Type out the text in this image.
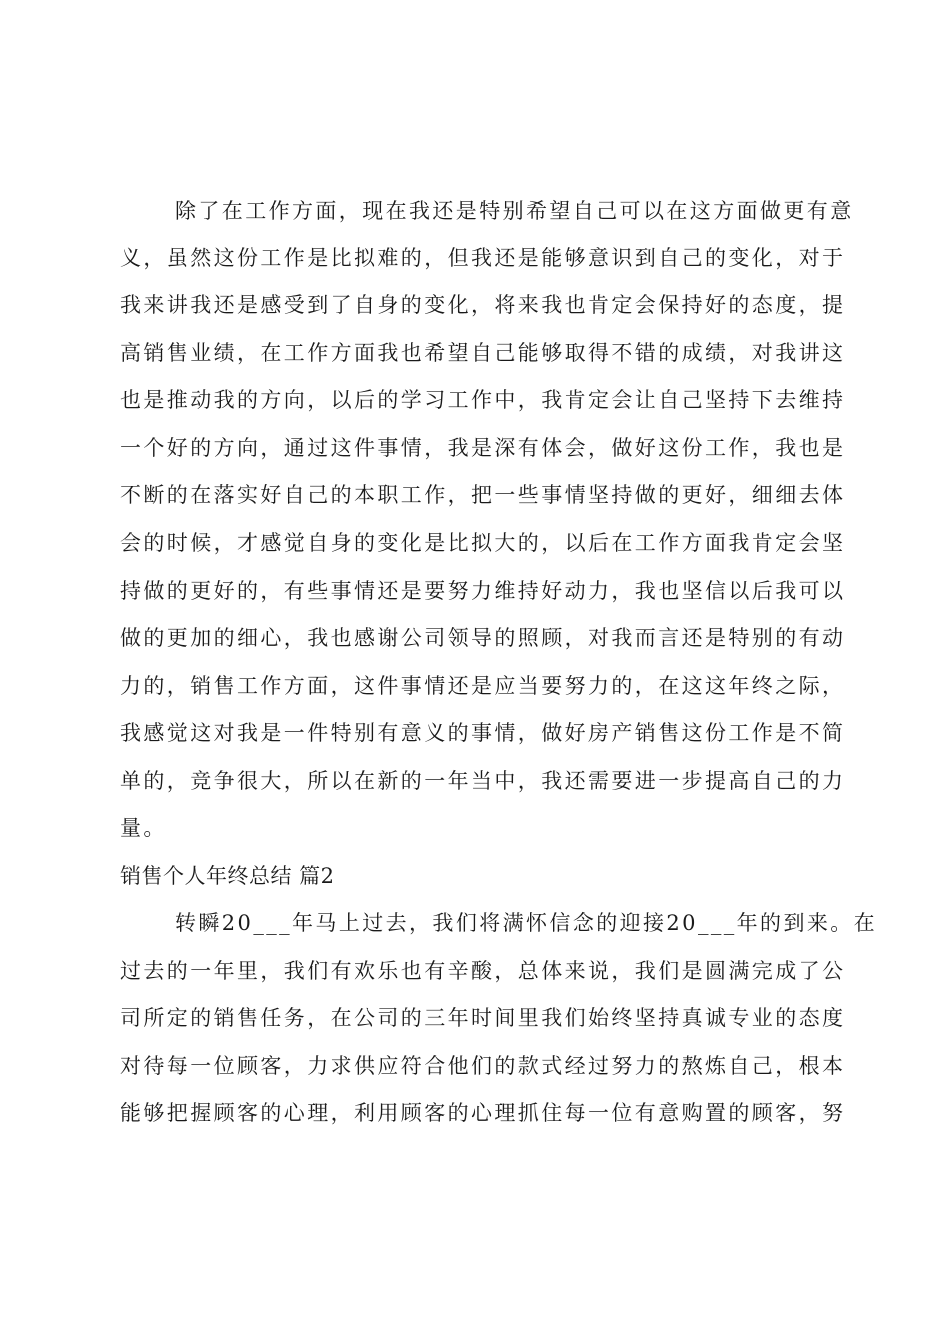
除了在工作方面，现在我还是特别希望自己可以在这方面做更有意
义，虽然这份工作是比拟难的，但我还是能够意识到自己的变化，对于
我来讲我还是感受到了自身的变化，将来我也肯定会保持好的态度，提
高销售业绩，在工作方面我也希望自己能够取得不错的成绩，对我讲这
也是推动我的方向，以后的学习工作中，我肯定会让自己坚持下去维持
一个好的方向，通过这件事情，我是深有体会，做好这份工作，我也是
不断的在落实好自己的本职工作，把一些事情坚持做的更好，细细去体
会的时候，才感觉自身的变化是比拟大的，以后在工作方面我肯定会坚
持做的更好的，有些事情还是要努力维持好动力，我也坚信以后我可以
做的更加的细心，我也感谢公司领导的照顾，对我而言还是特别的有动
力的，销售工作方面，这件事情还是应当要努力的，在这这年终之际，
我感觉这对我是一件特别有意义的事情，做好房产销售这份工作是不简
单的，竞争很大，所以在新的一年当中，我还需要进一步提高自己的力
量。
销售个人年终总结 篇2
转瞬20___年马上过去，我们将满怀信念的迎接20___年的到来。在
过去的一年里，我们有欢乐也有辛酸，总体来说，我们是圆满完成了公
司所定的销售任务，在公司的三年时间里我们始终坚持真诚专业的态度
对待每一位顾客，力求供应符合他们的款式经过努力的熬炼自己，根本
能够把握顾客的心理，利用顾客的心理抓住每一位有意购置的顾客，努
